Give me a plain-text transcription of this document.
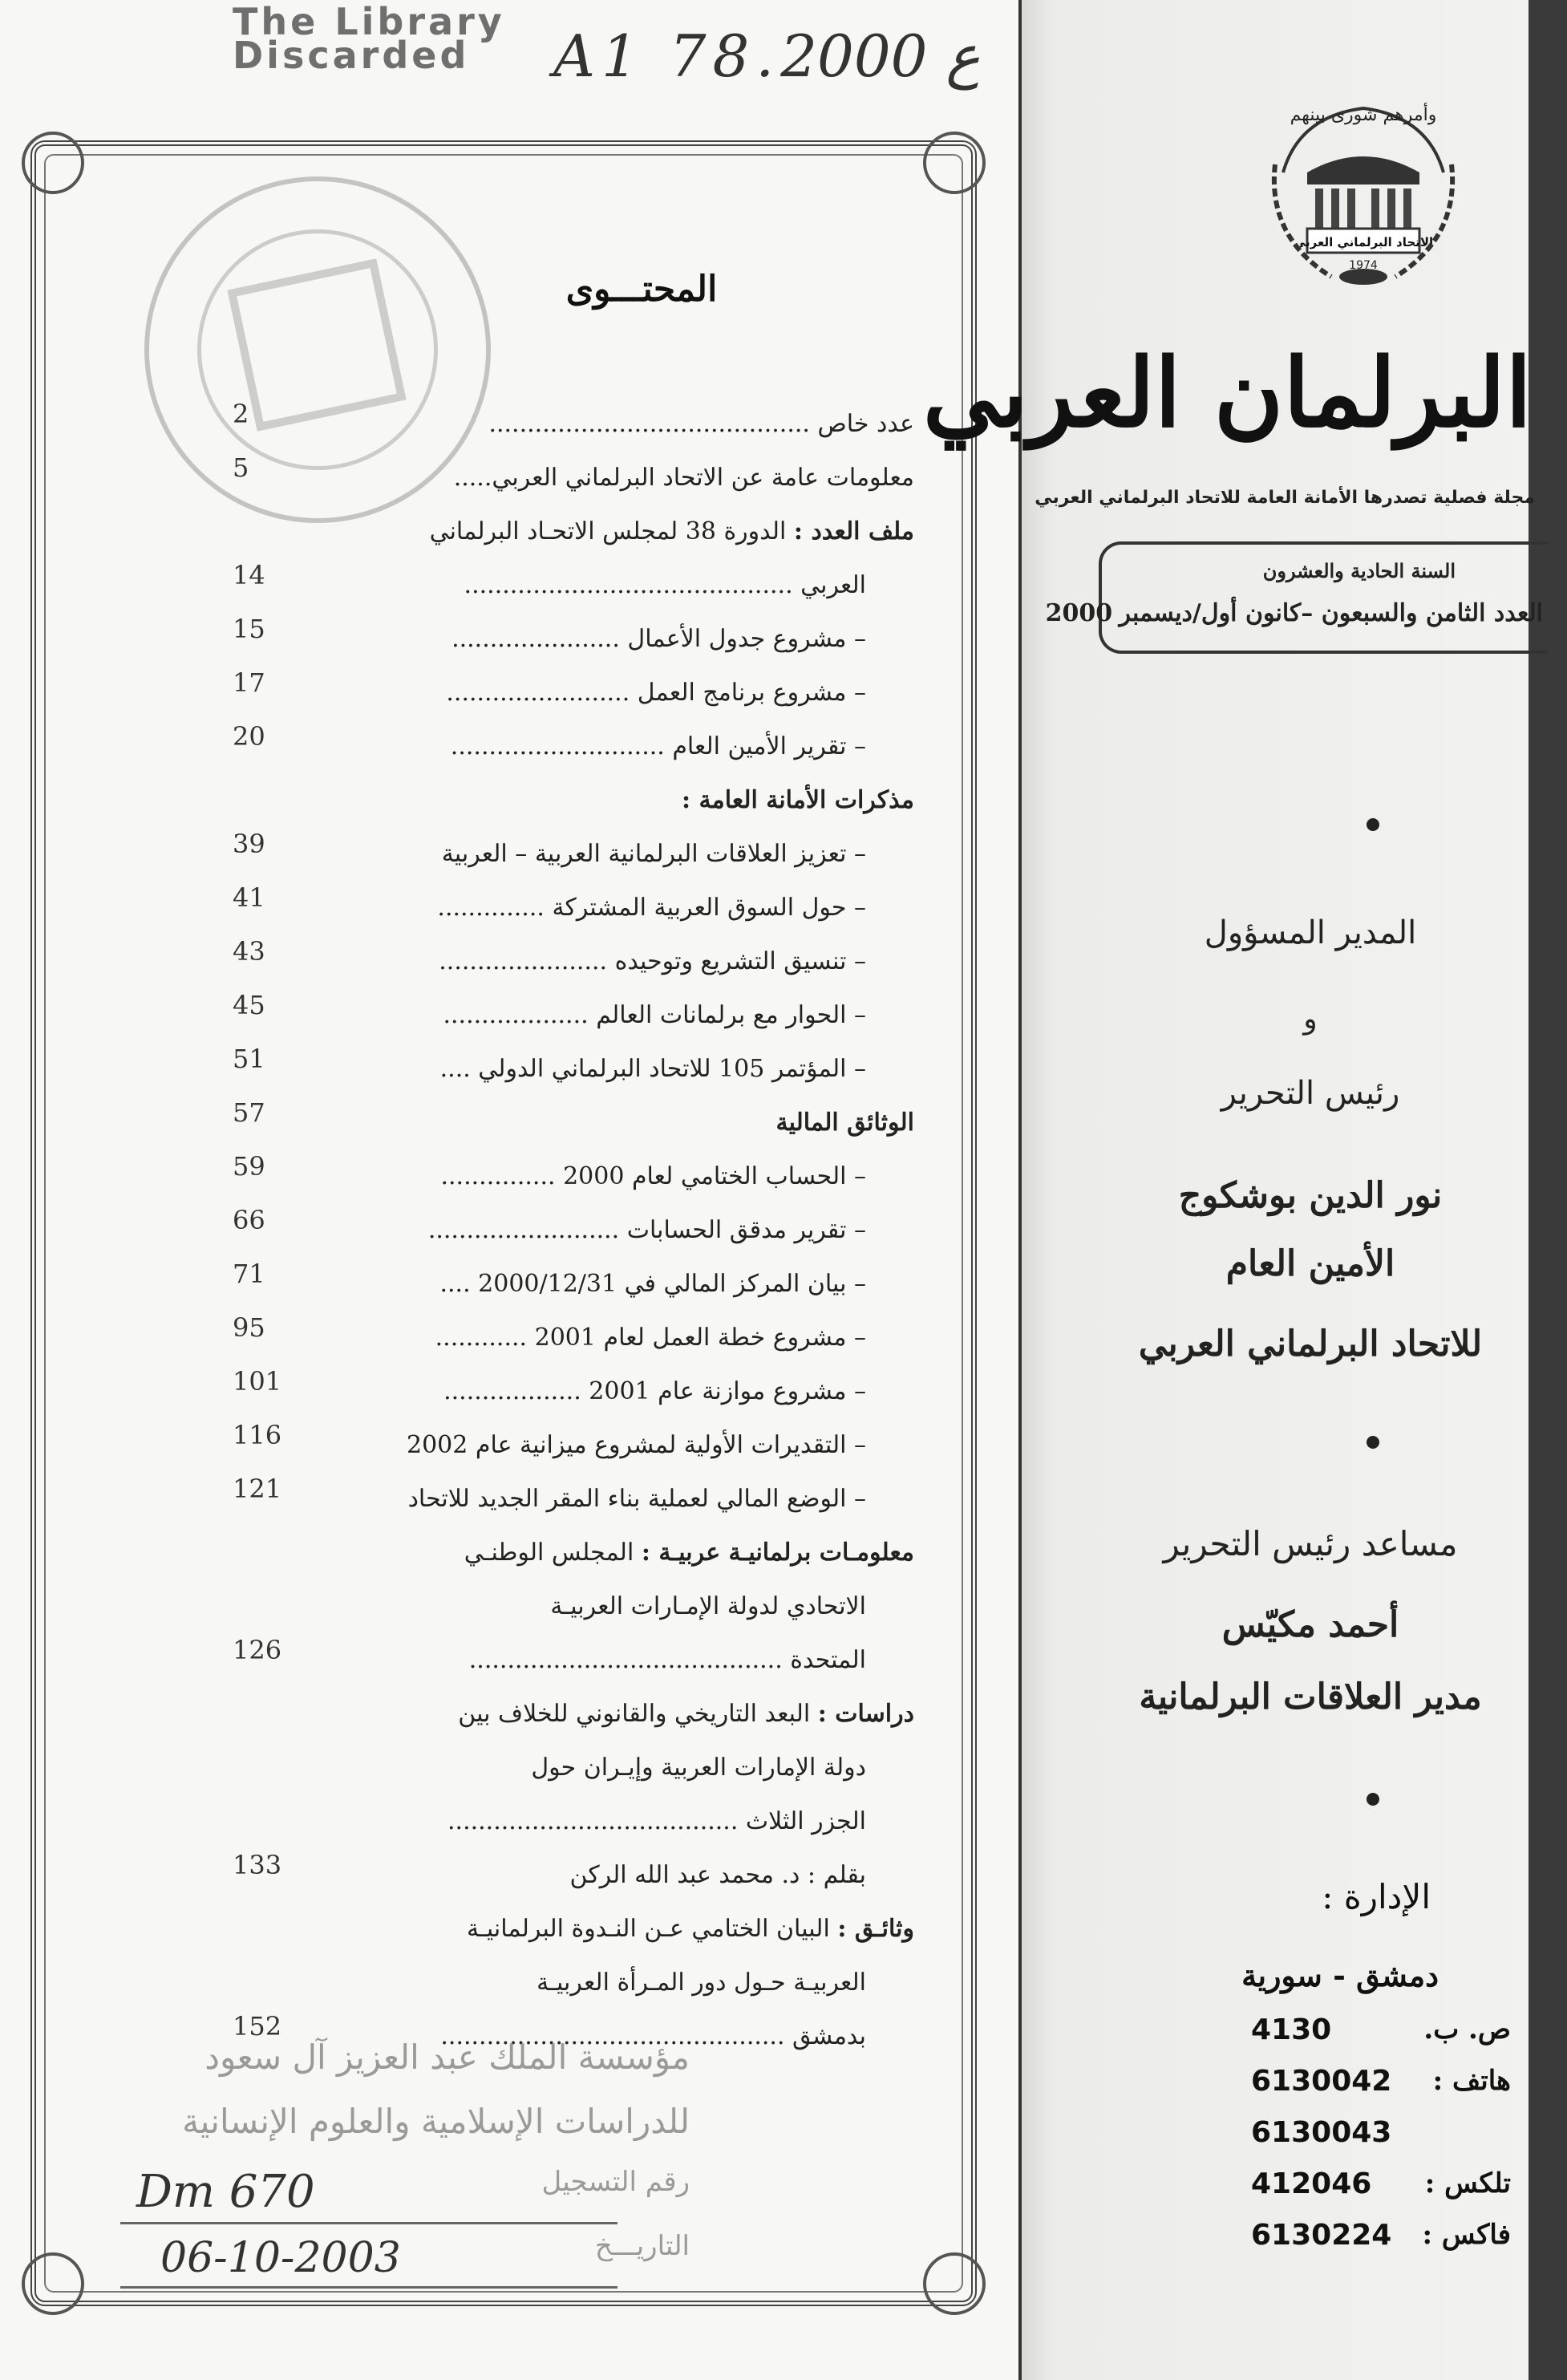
The Library
Discarded	A1 78.ع 2000
المحتـــوى
عدد خاص ..........................................
2
معلومات عامة عن الاتحاد البرلماني العربي.....
5
ملف العدد : الدورة 38 لمجلس الاتحـاد البرلماني
العربي ...........................................
14
– مشروع جدول الأعمال ......................
15
– مشروع برنامج العمل ........................
17
– تقرير الأمين العام ............................
20
مذكرات الأمانة العامة :
– تعزيز العلاقات البرلمانية العربية – العربية
39
– حول السوق العربية المشتركة ..............
41
– تنسيق التشريع وتوحيده ......................
43
– الحوار مع برلمانات العالم ...................
45
– المؤتمر 105 للاتحاد البرلماني الدولي ....
51
الوثائق المالية
57
– الحساب الختامي لعام 2000 ...............
59
– تقرير مدقق الحسابات .........................
66
– بيان المركز المالي في 2000/12/31 ....
71
– مشروع خطة العمل لعام 2001 ............
95
– مشروع موازنة عام 2001 ..................
101
– التقديرات الأولية لمشروع ميزانية عام 2002
116
– الوضع المالي لعملية بناء المقر الجديد للاتحاد
121
معلومـات برلمانيـة عربيـة : المجلس الوطنـي
الاتحادي لدولة الإمـارات العربيـة
المتحدة .........................................
126
دراسات : البعد التاريخي والقانوني للخلاف بين
دولة الإمارات العربية وإيـران حول
الجزر الثلاث ......................................
بقلم : د. محمد عبد الله الركن
133
وثائـق : البيان الختامي عـن النـدوة البرلمانيـة
العربيـة حـول دور المـرأة العربيـة
بدمشق .............................................
152
مؤسسة الملك عبد العزيز آل سعود
للدراسات الإسلامية والعلوم الإنسانية
رقم التسجيل
التاريـــخ
Dm 670
06-10-2003
وأمرهم شورى بينهم
الاتحاد البرلماني العربي
1974
البرلمان العربي
مجلة فصلية تصدرها الأمانة العامة للاتحاد البرلماني العربي
السنة الحادية والعشرون
العدد الثامن والسبعون –كانون أول/ديسمبر 2000
المدير المسؤول
و
رئيس التحرير
نور الدين بوشكوج
الأمين العام
للاتحاد البرلماني العربي
مساعد رئيس التحرير
أحمد مكيّس
مدير العلاقات البرلمانية
الإدارة :
دمشق - سورية
ص. ب.
4130
هاتف :
6130042
6130043
تلكس :
412046
فاكس :
6130224
